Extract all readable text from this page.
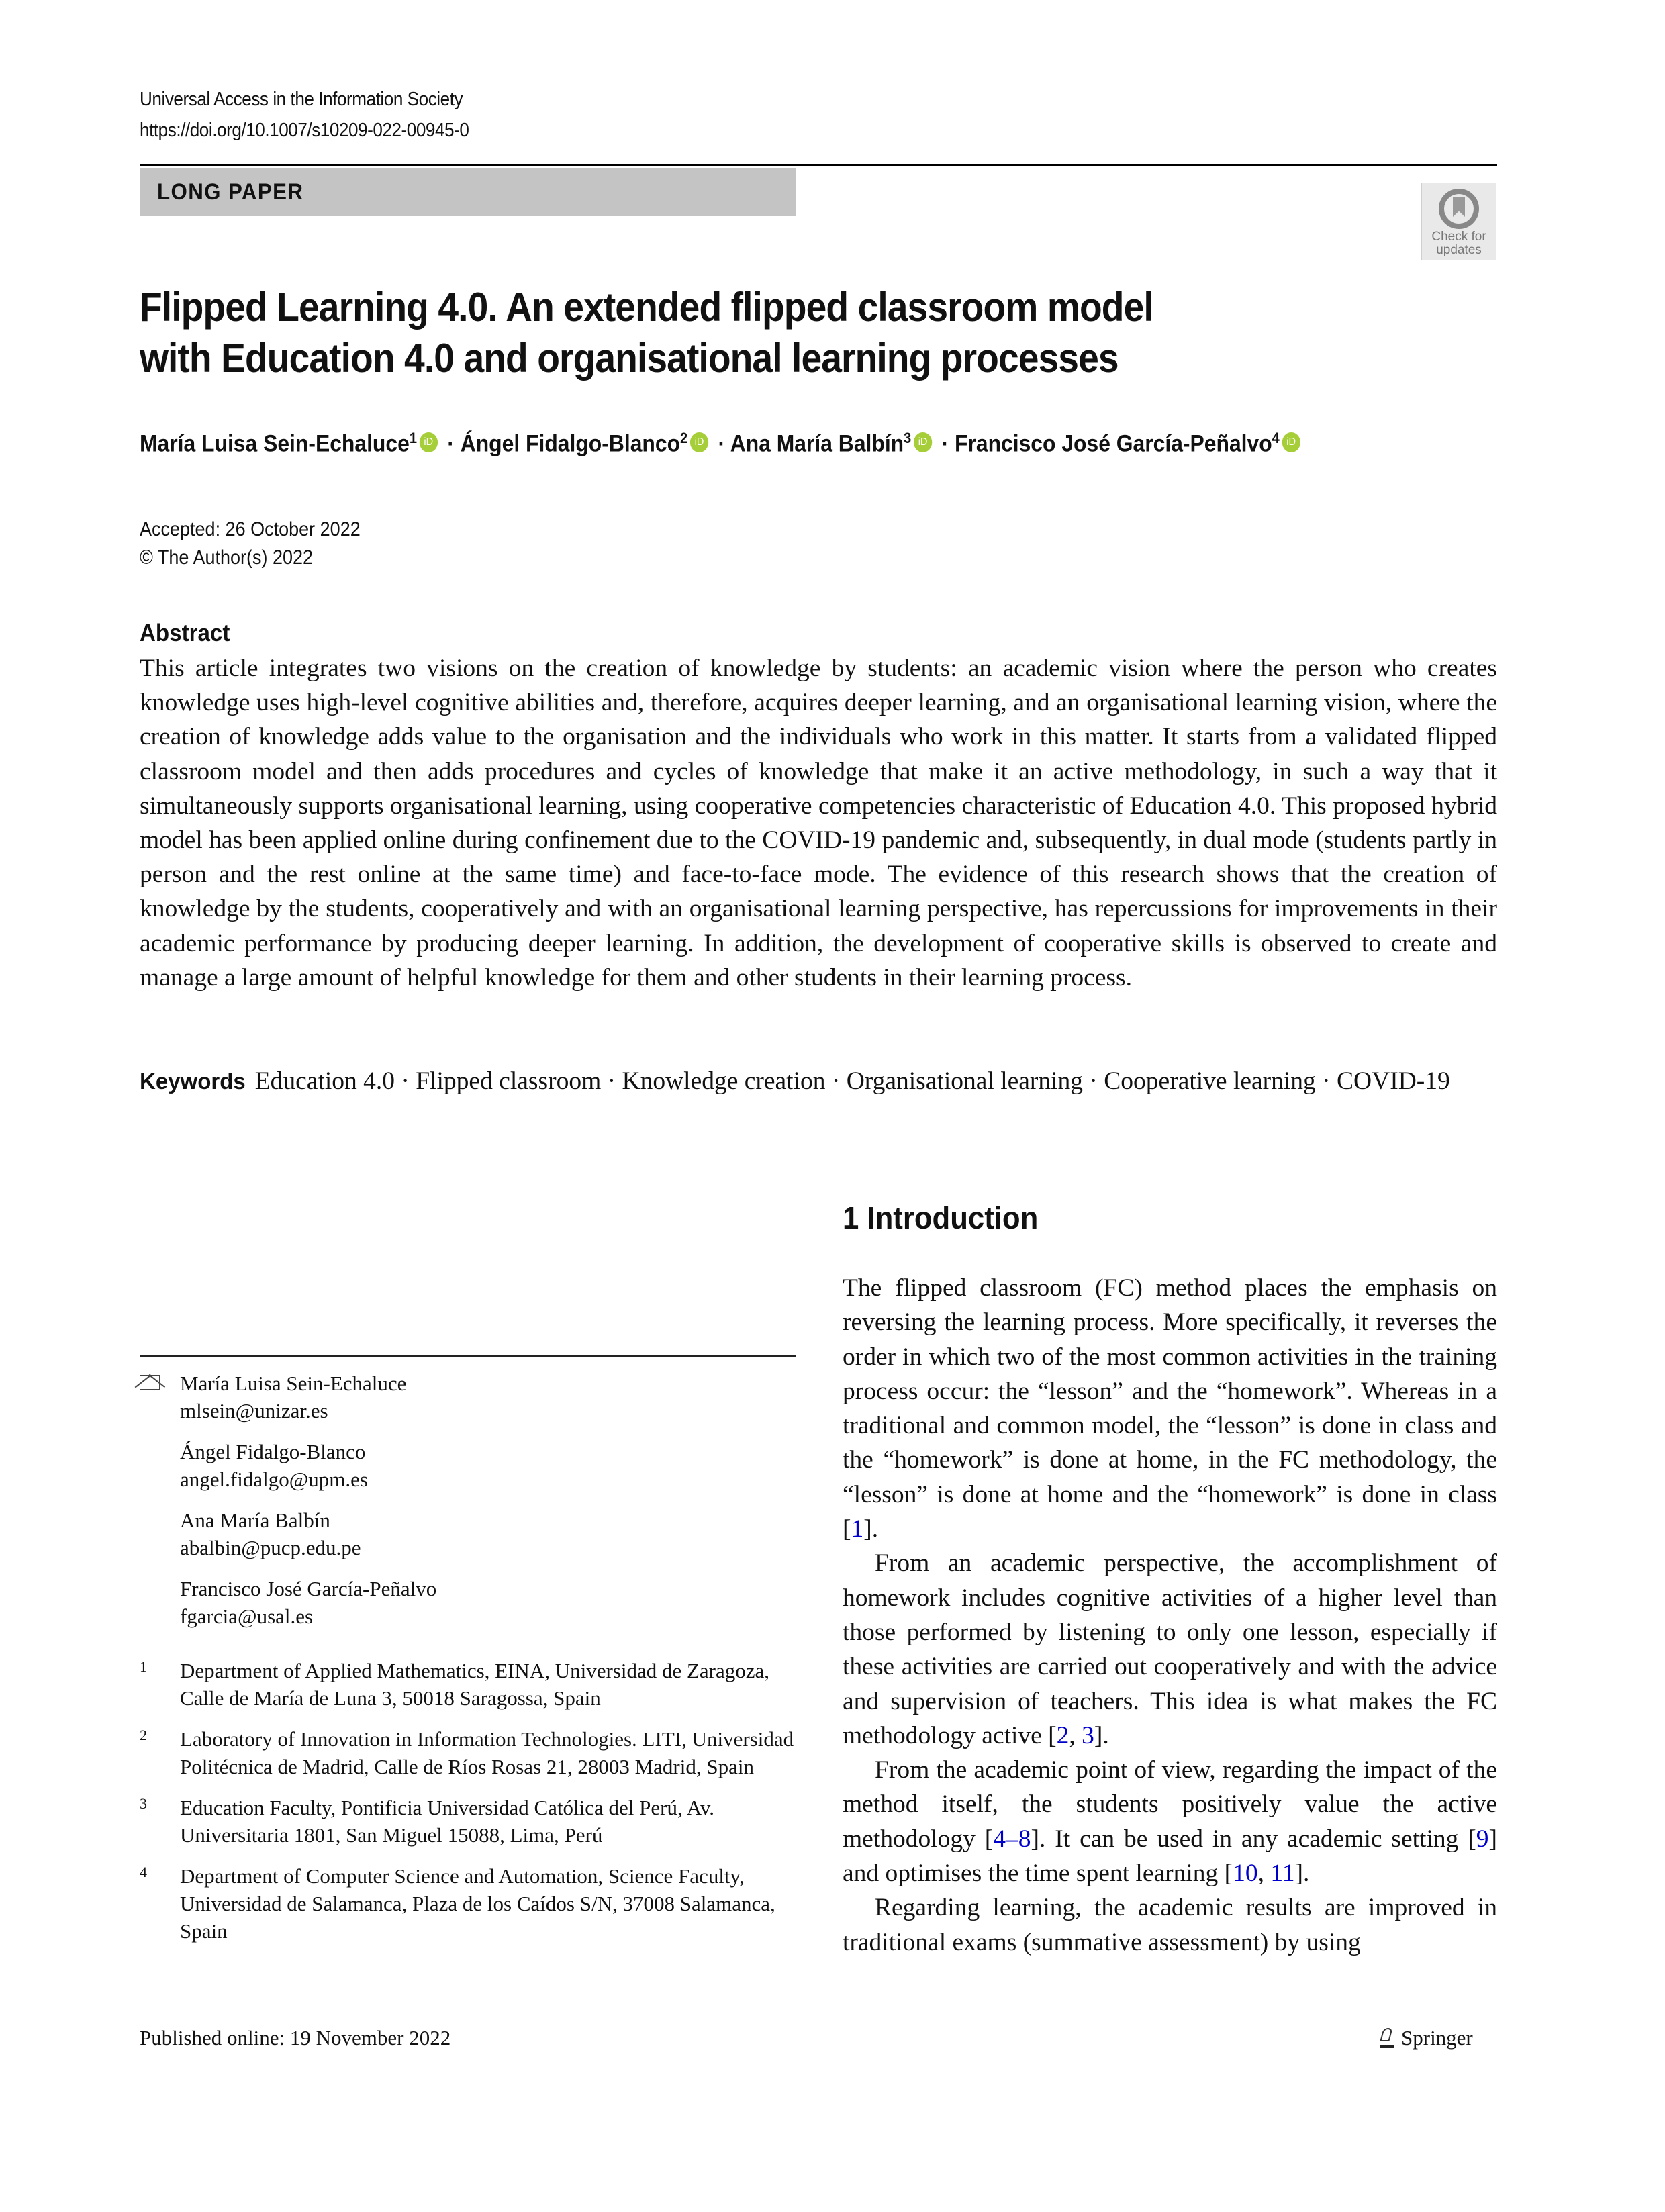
Universal Access in the Information Society
https://doi.org/10.1007/s10209-022-00945-0
LONG PAPER
Check for
updates
Flipped Learning 4.0. An extended flipped classroom model
with Education 4.0 and organisational learning processes
María Luisa Sein-Echaluce$^1$ iD · Ángel Fidalgo-Blanco$^2$ iD · Ana María Balbín$^3$ iD · Francisco José García-Peñalvo$^4$ iD
Accepted: 26 October 2022
© The Author(s) 2022
Abstract
This article integrates two visions on the creation of knowledge by students: an academic vision where the person who creates knowledge uses high-level cognitive abilities and, therefore, acquires deeper learning, and an organisational learning vision, where the creation of knowledge adds value to the organisation and the individuals who work in this matter. It starts from a validated flipped classroom model and then adds procedures and cycles of knowledge that make it an active methodology, in such a way that it simultaneously supports organisational learning, using cooperative competencies characteristic of Education 4.0. This proposed hybrid model has been applied online during confinement due to the COVID-19 pandemic and, subsequently, in dual mode (students partly in person and the rest online at the same time) and face-to-face mode. The evidence of this research shows that the creation of knowledge by the students, cooperatively and with an organisational learning perspective, has repercussions for improvements in their academic performance by producing deeper learning. In addition, the development of cooperative skills is observed to create and manage a large amount of helpful knowledge for them and other students in their learning process.
Keywords Education 4.0 · Flipped classroom · Knowledge creation · Organisational learning · Cooperative learning · COVID-19
1 Introduction

The flipped classroom (FC) method places the emphasis on reversing the learning process. More specifically, it reverses the order in which two of the most common activities in the training process occur: the “lesson” and the “homework”. Whereas in a traditional and common model, the “lesson” is done in class and the “homework” is done at home, in the FC methodology, the “lesson” is done at home and the “homework” is done in class [1].

From an academic perspective, the accomplishment of homework includes cognitive activities of a higher level than those performed by listening to only one lesson, especially if these activities are carried out cooperatively and with the advice and supervision of teachers. This idea is what makes the FC methodology active [2, 3].

From the academic point of view, regarding the impact of the method itself, the students positively value the active methodology [4–8]. It can be used in any academic setting [9] and optimises the time spent learning [10, 11].

Regarding learning, the academic results are improved in traditional exams (summative assessment) by using

María Luisa Sein-Echaluce
mlsein@unizar.es
Ángel Fidalgo-Blanco
angel.fidalgo@upm.es
Ana María Balbín
abalbin@pucp.edu.pe
Francisco José García-Peñalvo
fgarcia@usal.es
1 Department of Applied Mathematics, EINA, Universidad de Zaragoza, Calle de María de Luna 3, 50018 Saragossa, Spain
2 Laboratory of Innovation in Information Technologies. LITI, Universidad Politécnica de Madrid, Calle de Ríos Rosas 21, 28003 Madrid, Spain
3 Education Faculty, Pontificia Universidad Católica del Perú, Av. Universitaria 1801, San Miguel 15088, Lima, Perú
4 Department of Computer Science and Automation, Science Faculty, Universidad de Salamanca, Plaza de los Caídos S/N, 37008 Salamanca, Spain
Published online: 19 November 2022	Springer
